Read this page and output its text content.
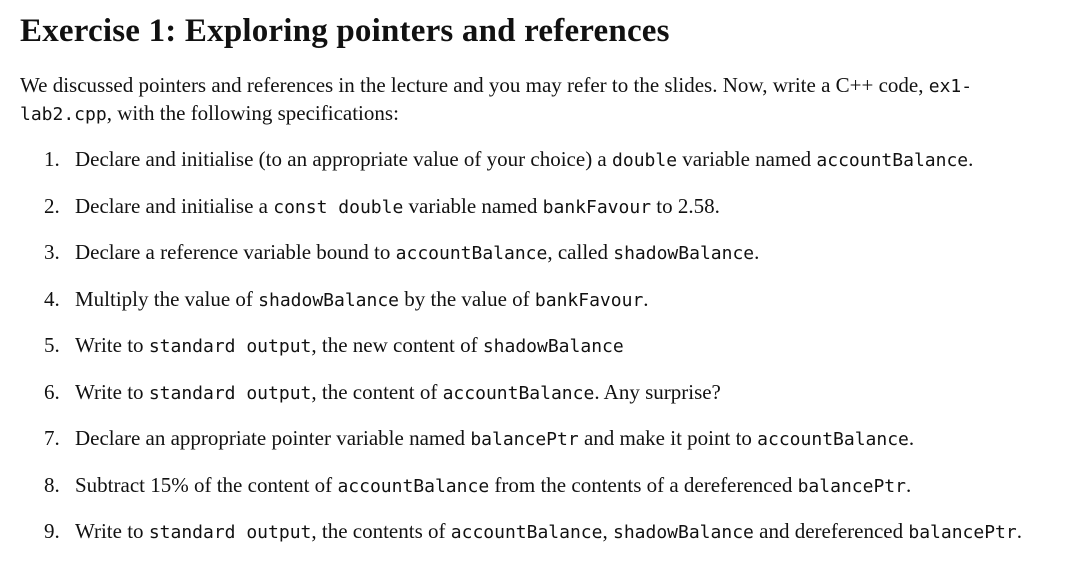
Exercise 1: Exploring pointers and references

We discussed pointers and references in the lecture and you may refer to the slides. Now, write a C++ code, ex1-lab2.cpp, with the following specifications:

1. Declare and initialise (to an appropriate value of your choice) a double variable named accountBalance.
2. Declare and initialise a const double variable named bankFavour to 2.58.
3. Declare a reference variable bound to accountBalance, called shadowBalance.
4. Multiply the value of shadowBalance by the value of bankFavour.
5. Write to standard output, the new content of shadowBalance
6. Write to standard output, the content of accountBalance. Any surprise?
7. Declare an appropriate pointer variable named balancePtr and make it point to accountBalance.
8. Subtract 15% of the content of accountBalance from the contents of a dereferenced balancePtr.
9. Write to standard output, the contents of accountBalance, shadowBalance and dereferenced balancePtr.
